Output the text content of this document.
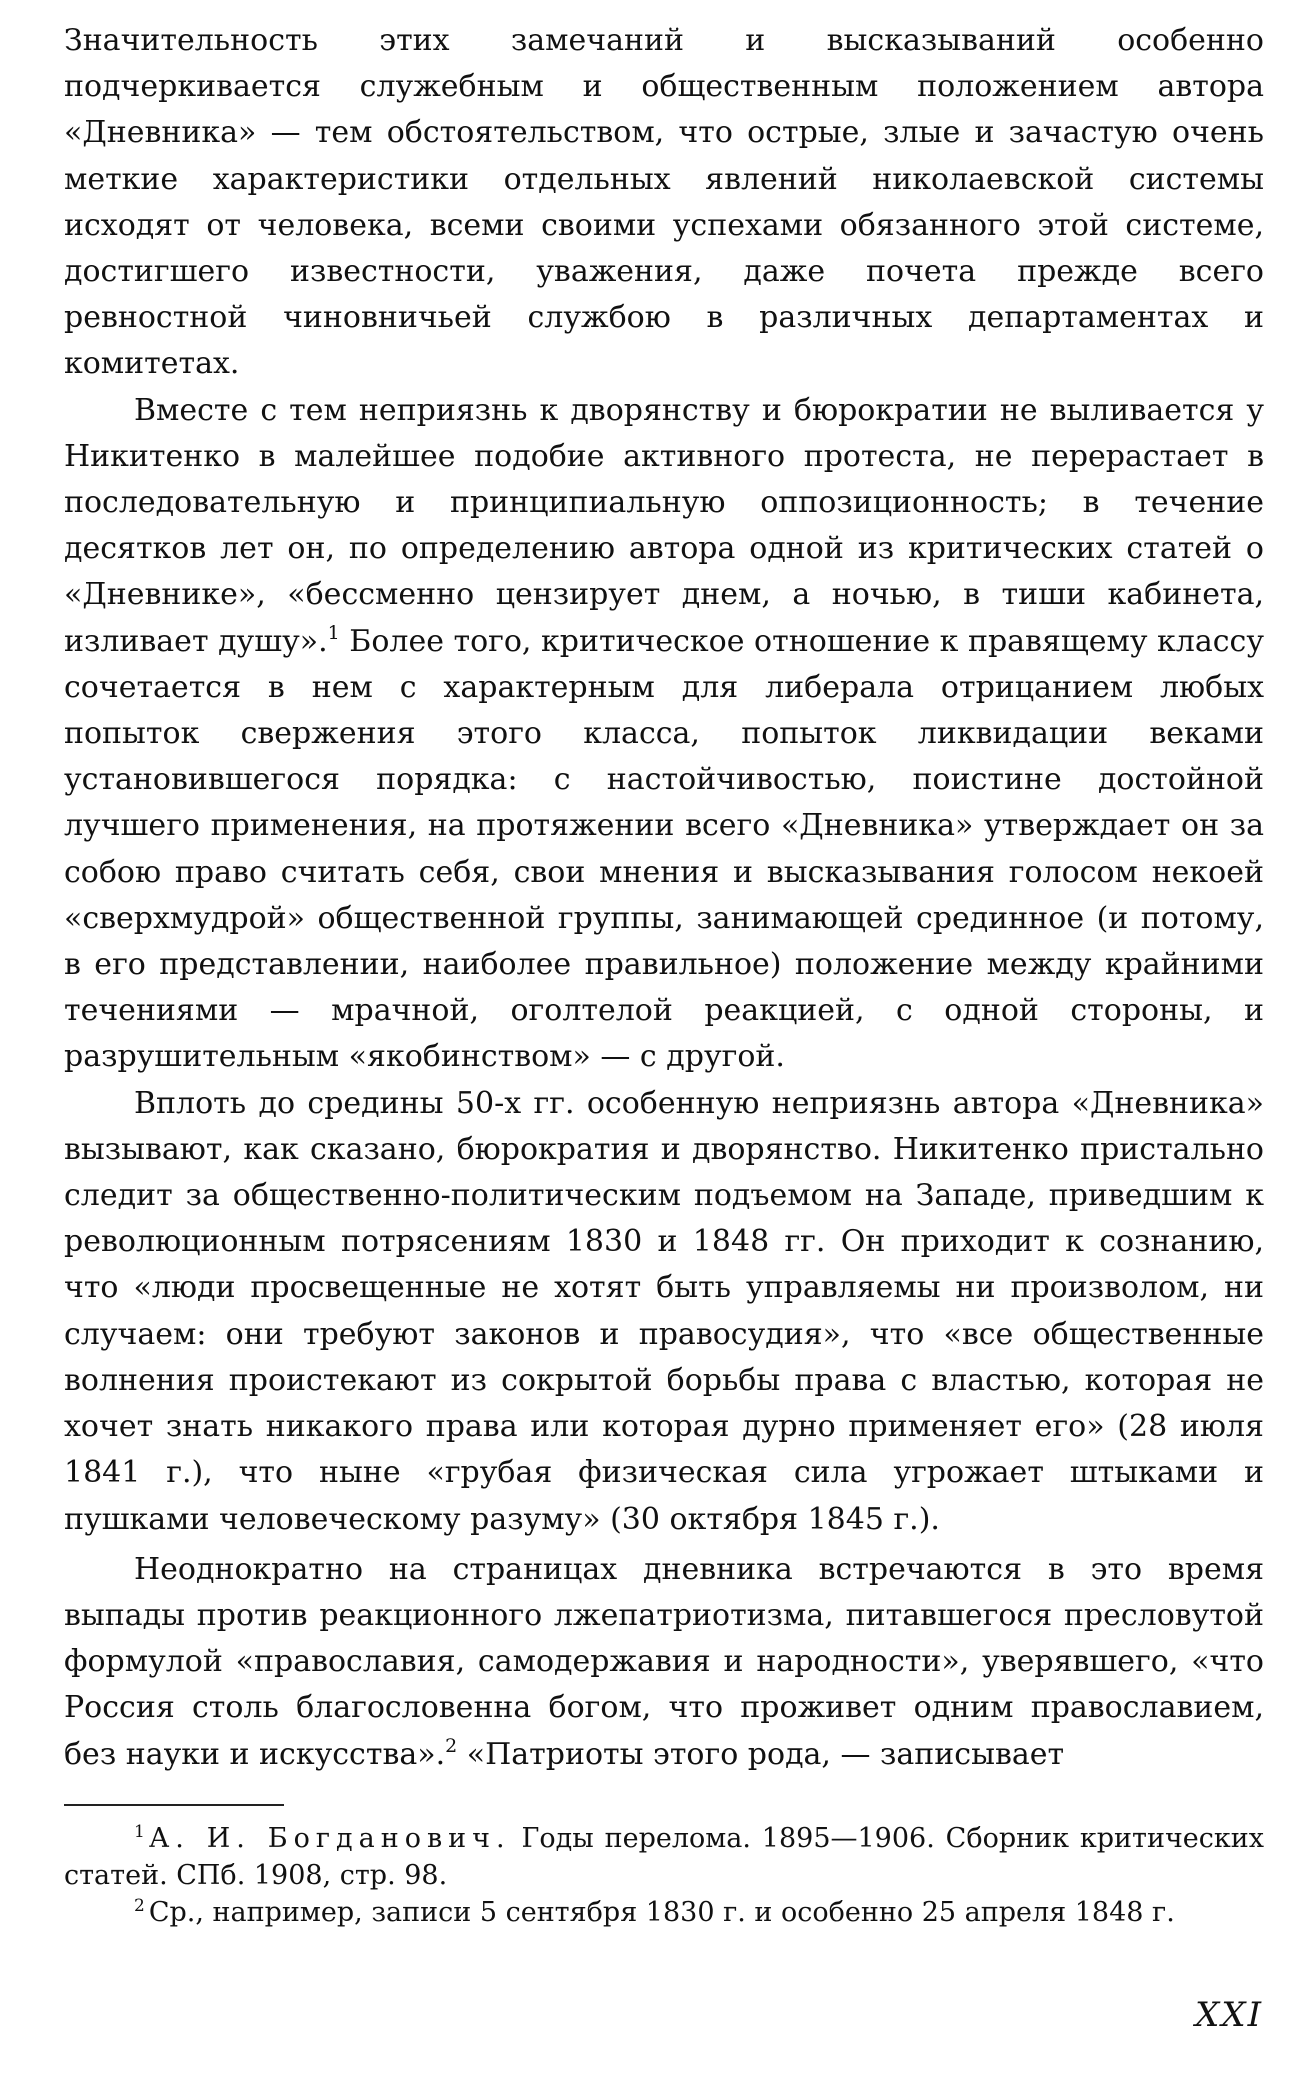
Значительность этих замечаний и высказываний особенно подчеркивается служебным и общественным положением автора «Дневника» — тем обстоятельством, что острые, злые и зачастую очень меткие характеристики отдельных явлений николаевской системы исходят от человека, всеми своими успехами обязанного этой системе, достигшего известности, уважения, даже почета прежде всего ревностной чиновничьей службою в различных департаментах и комитетах.

Вместе с тем неприязнь к дворянству и бюрократии не выливается у Никитенко в малейшее подобие активного протеста, не перерастает в последовательную и принципиальную оппозиционность; в течение десятков лет он, по определению автора одной из критических статей о «Дневнике», «бессменно цензирует днем, а ночью, в тиши кабинета, изливает душу».$^1$ Более того, критическое отношение к правящему классу сочетается в нем с характерным для либерала отрицанием любых попыток свержения этого класса, попыток ликвидации веками установившегося порядка: с настойчивостью, поистине достойной лучшего применения, на протяжении всего «Дневника» утверждает он за собою право считать себя, свои мнения и высказывания голосом некоей «сверхмудрой» общественной группы, занимающей срединное (и потому, в его представлении, наиболее правильное) положение между крайними течениями — мрачной, оголтелой реакцией, с одной стороны, и разрушительным «якобинством» — с другой.

Вплоть до средины 50-х гг. особенную неприязнь автора «Дневника» вызывают, как сказано, бюрократия и дворянство. Никитенко пристально следит за общественно-политическим подъемом на Западе, приведшим к революционным потрясениям 1830 и 1848 гг. Он приходит к сознанию, что «люди просвещенные не хотят быть управляемы ни произволом, ни случаем: они требуют законов и правосудия», что «все общественные волнения проистекают из сокрытой борьбы права с властью, которая не хочет знать никакого права или которая дурно применяет его» (28 июля 1841 г.), что ныне «грубая физическая сила угрожает штыками и пушками человеческому разуму» (30 октября 1845 г.).

Неоднократно на страницах дневника встречаются в это время выпады против реакционного лжепатриотизма, питавшегося пресловутой формулой «православия, самодержавия и народности», уверявшего, «что Россия столь благословенна богом, что проживет одним православием, без науки и искусства».$^2$ «Патриоты этого рода, — записывает

$^1$ А. И. Богданович. Годы перелома. 1895—1906. Сборник критических статей. СПб. 1908, стр. 98.

$^2$ Ср., например, записи 5 сентября 1830 г. и особенно 25 апреля 1848 г.

XXI
